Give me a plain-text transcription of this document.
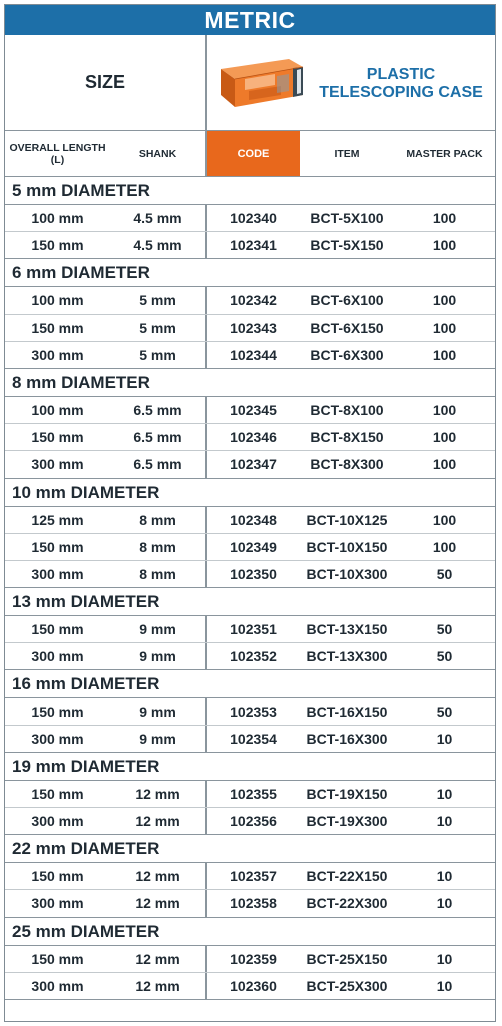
METRIC
SIZE	PLASTIC
TELESCOPING CASE
OVERALL LENGTH (L)	SHANK	CODE	ITEM	MASTER PACK
5 mm DIAMETER
100 mm	4.5 mm	102340	BCT-5X100	100
150 mm	4.5 mm	102341	BCT-5X150	100
6 mm DIAMETER
100 mm	5 mm	102342	BCT-6X100	100
150 mm	5 mm	102343	BCT-6X150	100
300 mm	5 mm	102344	BCT-6X300	100
8 mm DIAMETER
100 mm	6.5 mm	102345	BCT-8X100	100
150 mm	6.5 mm	102346	BCT-8X150	100
300 mm	6.5 mm	102347	BCT-8X300	100
10 mm DIAMETER
125 mm	8 mm	102348	BCT-10X125	100
150 mm	8 mm	102349	BCT-10X150	100
300 mm	8 mm	102350	BCT-10X300	50
13 mm DIAMETER
150 mm	9 mm	102351	BCT-13X150	50
300 mm	9 mm	102352	BCT-13X300	50
16 mm DIAMETER
150 mm	9 mm	102353	BCT-16X150	50
300 mm	9 mm	102354	BCT-16X300	10
19 mm DIAMETER
150 mm	12 mm	102355	BCT-19X150	10
300 mm	12 mm	102356	BCT-19X300	10
22 mm DIAMETER
150 mm	12 mm	102357	BCT-22X150	10
300 mm	12 mm	102358	BCT-22X300	10
25 mm DIAMETER
150 mm	12 mm	102359	BCT-25X150	10
300 mm	12 mm	102360	BCT-25X300	10
